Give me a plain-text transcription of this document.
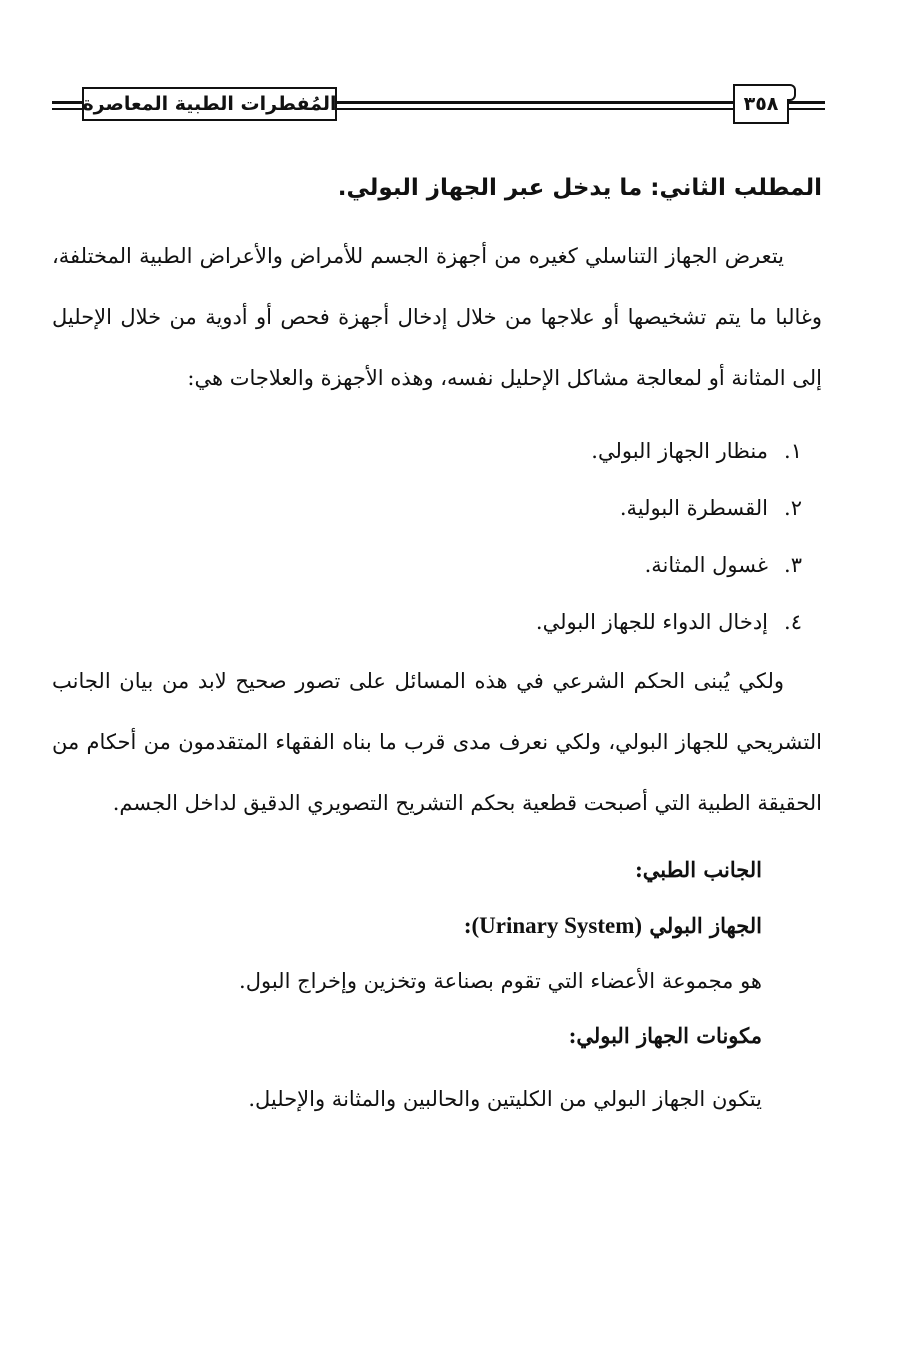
المُفطرات الطبية المعاصرة	٣٥٨
المطلب الثاني:ما يدخل عبر الجهاز البولي.

يتعرض الجهاز التناسلي كغيره من أجهزة الجسم للأمراض والأعراض الطبية المختلفة، وغالبا ما يتم تشخيصها أو علاجها من خلال إدخال أجهزة فحص أو أدوية من خلال الإحليل إلى المثانة أو لمعالجة مشاكل الإحليل نفسه، وهذه الأجهزة والعلاجات هي:

١.منظار الجهاز البولي.
٢.القسطرة البولية.
٣.غسول المثانة.
٤.إدخال الدواء للجهاز البولي.

ولكي يُبنى الحكم الشرعي في هذه المسائل على تصور صحيح لابد من بيان الجانب التشريحي للجهاز البولي، ولكي نعرف مدى قرب ما بناه الفقهاء المتقدمون من أحكام من الحقيقة الطبية التي أصبحت قطعية بحكم التشريح التصويري الدقيق لداخل الجسم.

الجانب الطبي:
الجهاز البولي (Urinary System):
هو مجموعة الأعضاء التي تقوم بصناعة وتخزين وإخراج البول.
مكونات الجهاز البولي:
يتكون الجهاز البولي من الكليتين والحالبين والمثانة والإحليل.
